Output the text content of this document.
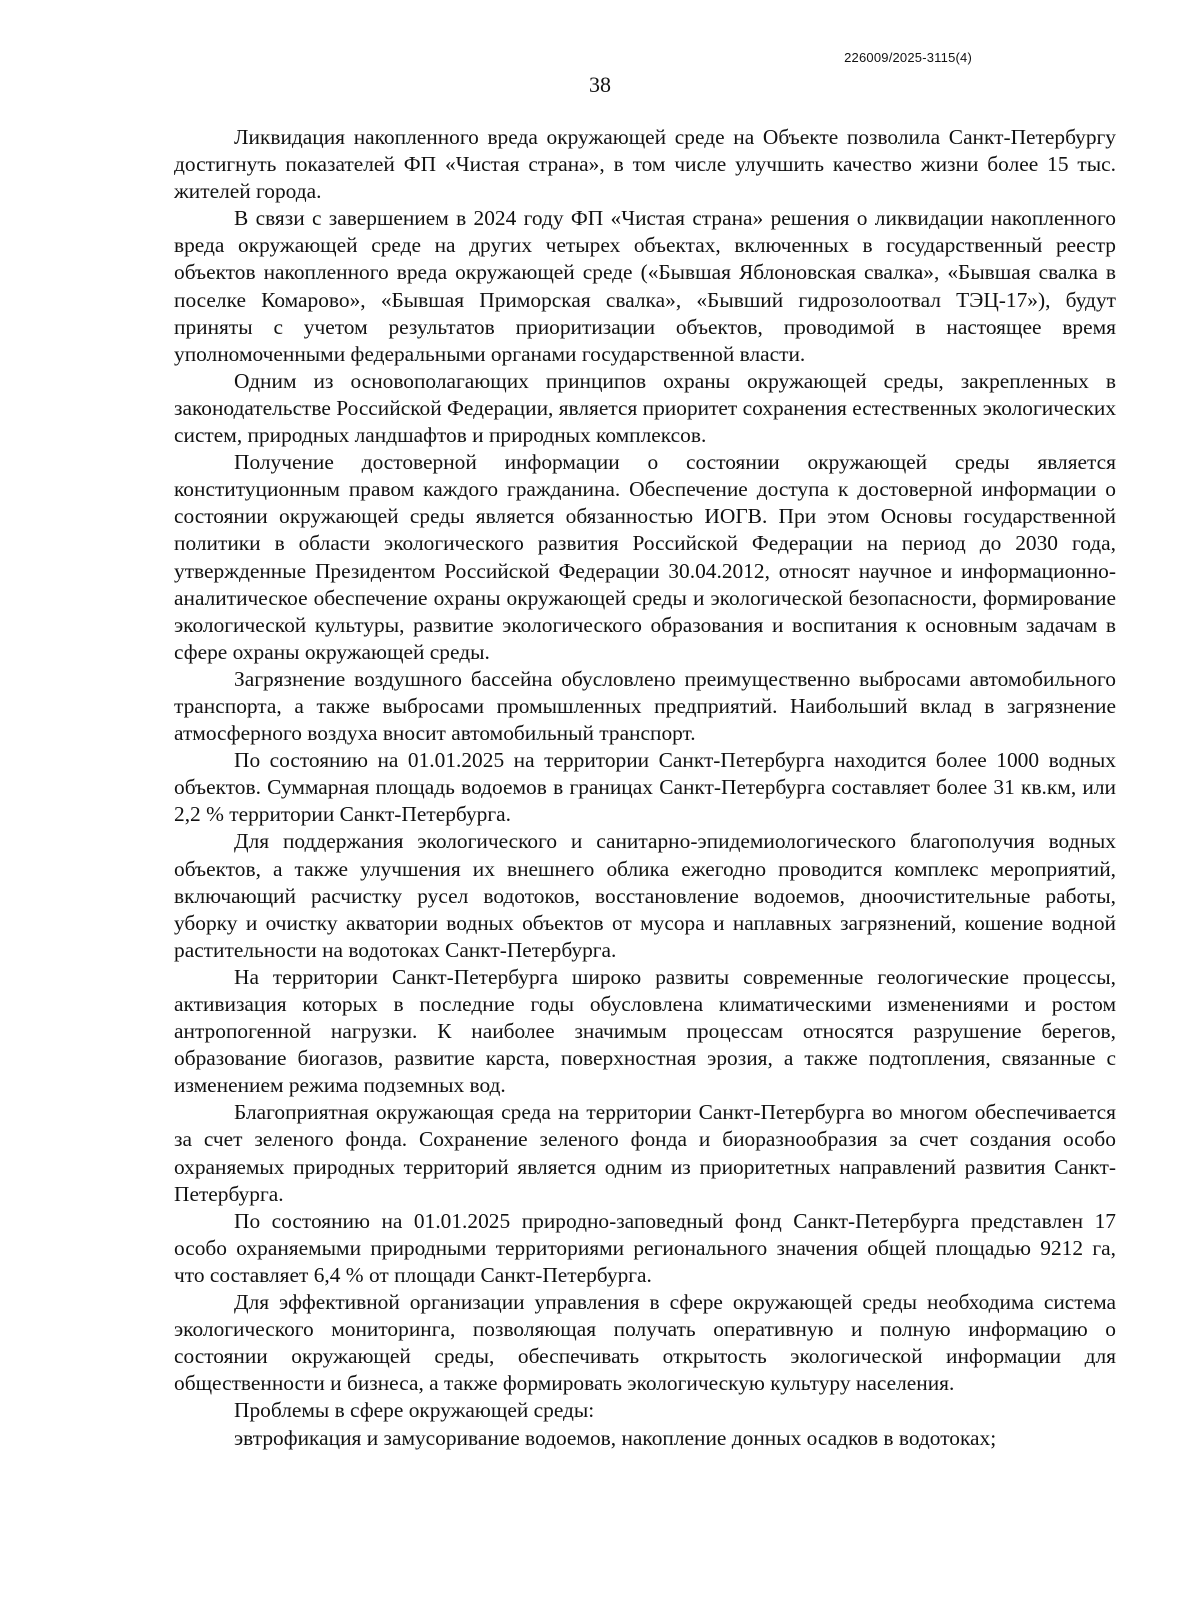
226009/2025-3115(4)
38

Ликвидация накопленного вреда окружающей среде на Объекте позволила Санкт-Петербургу достигнуть показателей ФП «Чистая страна», в том числе улучшить качество жизни более 15 тыс. жителей города.

В связи с завершением в 2024 году ФП «Чистая страна» решения о ликвидации накопленного вреда окружающей среде на других четырех объектах, включенных в государственный реестр объектов накопленного вреда окружающей среде («Бывшая Яблоновская свалка», «Бывшая свалка в поселке Комарово», «Бывшая Приморская свалка», «Бывший гидрозолоотвал ТЭЦ-17»), будут приняты с учетом результатов приоритизации объектов, проводимой в настоящее время уполномоченными федеральными органами государственной власти.

Одним из основополагающих принципов охраны окружающей среды, закрепленных в законодательстве Российской Федерации, является приоритет сохранения естественных экологических систем, природных ландшафтов и природных комплексов.

Получение достоверной информации о состоянии окружающей среды является конституционным правом каждого гражданина. Обеспечение доступа к достоверной информации о состоянии окружающей среды является обязанностью ИОГВ. При этом Основы государственной политики в области экологического развития Российской Федерации на период до 2030 года, утвержденные Президентом Российской Федерации 30.04.2012, относят научное и информационно-аналитическое обеспечение охраны окружающей среды и экологической безопасности, формирование экологической культуры, развитие экологического образования и воспитания к основным задачам в сфере охраны окружающей среды.

Загрязнение воздушного бассейна обусловлено преимущественно выбросами автомобильного транспорта, а также выбросами промышленных предприятий. Наибольший вклад в загрязнение атмосферного воздуха вносит автомобильный транспорт.

По состоянию на 01.01.2025 на территории Санкт-Петербурга находится более 1000 водных объектов. Суммарная площадь водоемов в границах Санкт-Петербурга составляет более 31 кв.км, или 2,2 % территории Санкт-Петербурга.

Для поддержания экологического и санитарно-эпидемиологического благополучия водных объектов, а также улучшения их внешнего облика ежегодно проводится комплекс мероприятий, включающий расчистку русел водотоков, восстановление водоемов, дноочистительные работы, уборку и очистку акватории водных объектов от мусора и наплавных загрязнений, кошение водной растительности на водотоках Санкт-Петербурга.

На территории Санкт-Петербурга широко развиты современные геологические процессы, активизация которых в последние годы обусловлена климатическими изменениями и ростом антропогенной нагрузки. К наиболее значимым процессам относятся разрушение берегов, образование биогазов, развитие карста, поверхностная эрозия, а также подтопления, связанные с изменением режима подземных вод.

Благоприятная окружающая среда на территории Санкт-Петербурга во многом обеспечивается за счет зеленого фонда. Сохранение зеленого фонда и биоразнообразия за счет создания особо охраняемых природных территорий является одним из приоритетных направлений развития Санкт-Петербурга.

По состоянию на 01.01.2025 природно-заповедный фонд Санкт-Петербурга представлен 17 особо охраняемыми природными территориями регионального значения общей площадью 9212 га, что составляет 6,4 % от площади Санкт-Петербурга.

Для эффективной организации управления в сфере окружающей среды необходима система экологического мониторинга, позволяющая получать оперативную и полную информацию о состоянии окружающей среды, обеспечивать открытость экологической информации для общественности и бизнеса, а также формировать экологическую культуру населения.

Проблемы в сфере окружающей среды:

эвтрофикация и замусоривание водоемов, накопление донных осадков в водотоках;
